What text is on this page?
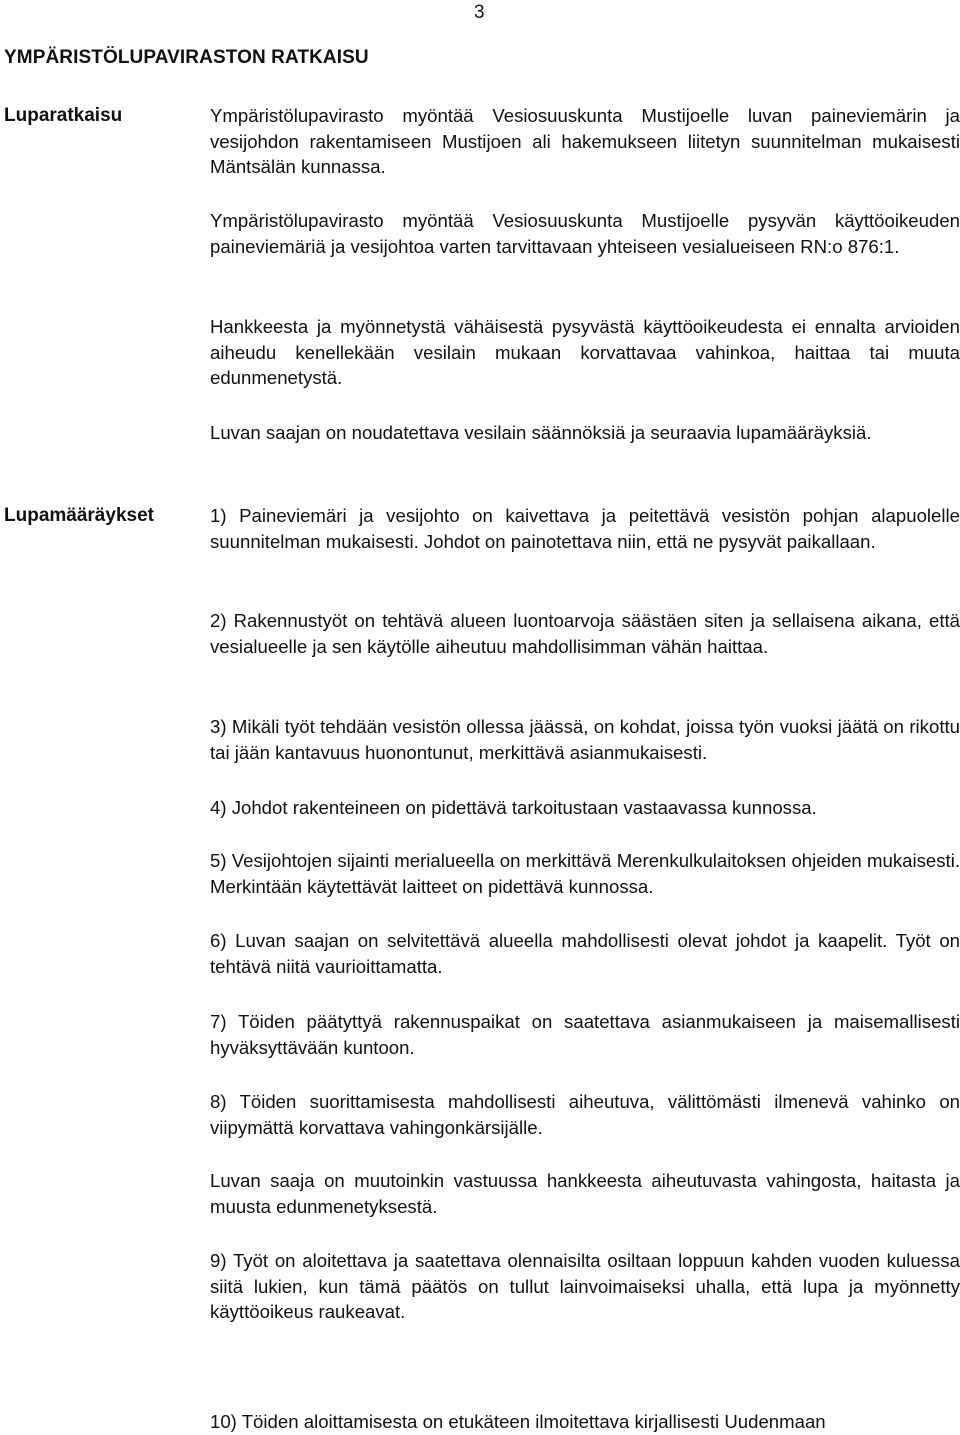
3
YMPÄRISTÖLUPAVIRASTON RATKAISU
Luparatkaisu	Ympäristölupavirasto myöntää Vesiosuuskunta Mustijoelle luvan paineviemärin ja vesijohdon rakentamiseen Mustijoen ali hakemukseen liitetyn suunnitelman mukaisesti Mäntsälän kunnassa.

Ympäristölupavirasto myöntää Vesiosuuskunta Mustijoelle pysyvän käyttöoikeuden paineviemäriä ja vesijohtoa varten tarvittavaan yhteiseen vesialueiseen RN:o 876:1.

Hankkeesta ja myönnetystä vähäisestä pysyvästä käyttöoikeudesta ei ennalta arvioiden aiheudu kenellekään vesilain mukaan korvattavaa vahinkoa, haittaa tai muuta edunmenetystä.

Luvan saajan on noudatettava vesilain säännöksiä ja seuraavia lupamääräyksiä.

Lupamääräykset	1) Paineviemäri ja vesijohto on kaivettava ja peitettävä vesistön pohjan alapuolelle suunnitelman mukaisesti. Johdot on painotettava niin, että ne pysyvät paikallaan.

2) Rakennustyöt on tehtävä alueen luontoarvoja säästäen siten ja sellaisena aikana, että vesialueelle ja sen käytölle aiheutuu mahdollisimman vähän haittaa.

3) Mikäli työt tehdään vesistön ollessa jäässä, on kohdat, joissa työn vuoksi jäätä on rikottu tai jään kantavuus huonontunut, merkittävä asianmukaisesti.

4) Johdot rakenteineen on pidettävä tarkoitustaan vastaavassa kunnossa.

5) Vesijohtojen sijainti merialueella on merkittävä Merenkulkulaitoksen ohjeiden mukaisesti. Merkintään käytettävät laitteet on pidettävä kunnossa.

6) Luvan saajan on selvitettävä alueella mahdollisesti olevat johdot ja kaapelit. Työt on tehtävä niitä vaurioittamatta.

7) Töiden päätyttyä rakennuspaikat on saatettava asianmukaiseen ja maisemallisesti hyväksyttävään kuntoon.

8) Töiden suorittamisesta mahdollisesti aiheutuva, välittömästi ilmenevä vahinko on viipymättä korvattava vahingonkärsijälle.

Luvan saaja on muutoinkin vastuussa hankkeesta aiheutuvasta vahingosta, haitasta ja muusta edunmenetyksestä.

9) Työt on aloitettava ja saatettava olennaisilta osiltaan loppuun kahden vuoden kuluessa siitä lukien, kun tämä päätös on tullut lainvoimaiseksi uhalla, että lupa ja myönnetty käyttöoikeus raukeavat.

10) Töiden aloittamisesta on etukäteen ilmoitettava kirjallisesti Uudenmaan
